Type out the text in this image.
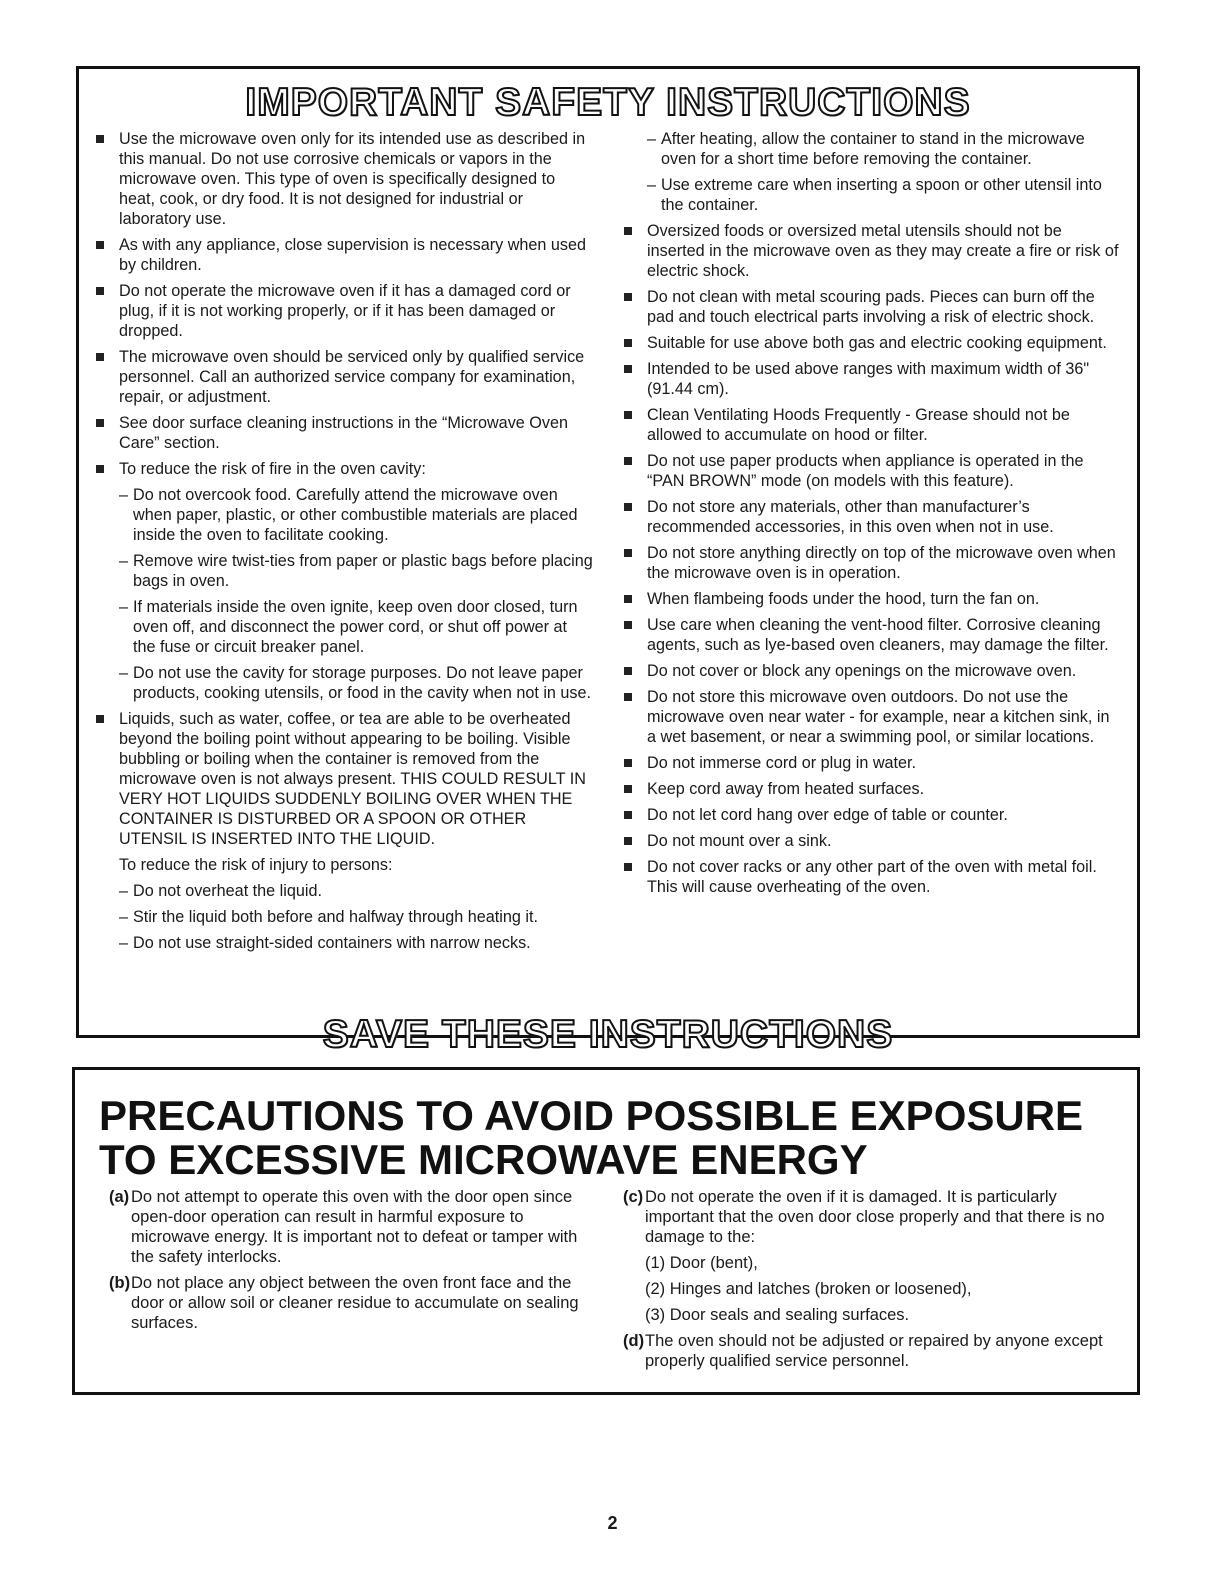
IMPORTANT SAFETY INSTRUCTIONS
Use the microwave oven only for its intended use as described in this manual. Do not use corrosive chemicals or vapors in the microwave oven. This type of oven is specifically designed to heat, cook, or dry food. It is not designed for industrial or laboratory use.
As with any appliance, close supervision is necessary when used by children.
Do not operate the microwave oven if it has a damaged cord or plug, if it is not working properly, or if it has been damaged or dropped.
The microwave oven should be serviced only by qualified service personnel. Call an authorized service company for examination, repair, or adjustment.
See door surface cleaning instructions in the “Microwave Oven Care” section.
To reduce the risk of fire in the oven cavity:
– Do not overcook food. Carefully attend the microwave oven when paper, plastic, or other combustible materials are placed inside the oven to facilitate cooking.
– Remove wire twist-ties from paper or plastic bags before placing bags in oven.
– If materials inside the oven ignite, keep oven door closed, turn oven off, and disconnect the power cord, or shut off power at the fuse or circuit breaker panel.
– Do not use the cavity for storage purposes. Do not leave paper products, cooking utensils, or food in the cavity when not in use.
Liquids, such as water, coffee, or tea are able to be overheated beyond the boiling point without appearing to be boiling. Visible bubbling or boiling when the container is removed from the microwave oven is not always present. THIS COULD RESULT IN VERY HOT LIQUIDS SUDDENLY BOILING OVER WHEN THE CONTAINER IS DISTURBED OR A SPOON OR OTHER UTENSIL IS INSERTED INTO THE LIQUID.
To reduce the risk of injury to persons:
– Do not overheat the liquid.
– Stir the liquid both before and halfway through heating it.
– Do not use straight-sided containers with narrow necks.
– After heating, allow the container to stand in the microwave oven for a short time before removing the container.
– Use extreme care when inserting a spoon or other utensil into the container.
Oversized foods or oversized metal utensils should not be inserted in the microwave oven as they may create a fire or risk of electric shock.
Do not clean with metal scouring pads. Pieces can burn off the pad and touch electrical parts involving a risk of electric shock.
Suitable for use above both gas and electric cooking equipment.
Intended to be used above ranges with maximum width of 36" (91.44 cm).
Clean Ventilating Hoods Frequently - Grease should not be allowed to accumulate on hood or filter.
Do not use paper products when appliance is operated in the “PAN BROWN” mode (on models with this feature).
Do not store any materials, other than manufacturer’s recommended accessories, in this oven when not in use.
Do not store anything directly on top of the microwave oven when the microwave oven is in operation.
When flambeing foods under the hood, turn the fan on.
Use care when cleaning the vent-hood filter. Corrosive cleaning agents, such as lye-based oven cleaners, may damage the filter.
Do not cover or block any openings on the microwave oven.
Do not store this microwave oven outdoors. Do not use the microwave oven near water - for example, near a kitchen sink, in a wet basement, or near a swimming pool, or similar locations.
Do not immerse cord or plug in water.
Keep cord away from heated surfaces.
Do not let cord hang over edge of table or counter.
Do not mount over a sink.
Do not cover racks or any other part of the oven with metal foil. This will cause overheating of the oven.
SAVE THESE INSTRUCTIONS
PRECAUTIONS TO AVOID POSSIBLE EXPOSURE TO EXCESSIVE MICROWAVE ENERGY
(a) Do not attempt to operate this oven with the door open since open-door operation can result in harmful exposure to microwave energy. It is important not to defeat or tamper with the safety interlocks.
(b) Do not place any object between the oven front face and the door or allow soil or cleaner residue to accumulate on sealing surfaces.
(c) Do not operate the oven if it is damaged. It is particularly important that the oven door close properly and that there is no damage to the:
(1) Door (bent),
(2) Hinges and latches (broken or loosened),
(3) Door seals and sealing surfaces.
(d) The oven should not be adjusted or repaired by anyone except properly qualified service personnel.
2
